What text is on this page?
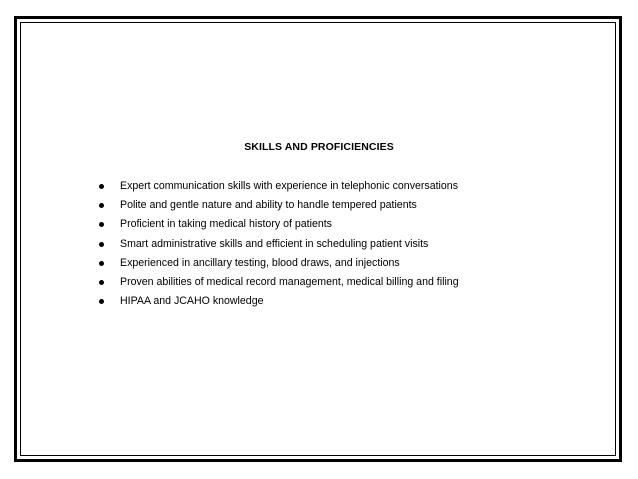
SKILLS AND PROFICIENCIES
Expert communication skills with experience in telephonic conversations
Polite and gentle nature and ability to handle tempered patients
Proficient in taking medical history of patients
Smart administrative skills and efficient in scheduling patient visits
Experienced in ancillary testing, blood draws, and injections
Proven abilities of medical record management, medical billing and filing
HIPAA and JCAHO knowledge
